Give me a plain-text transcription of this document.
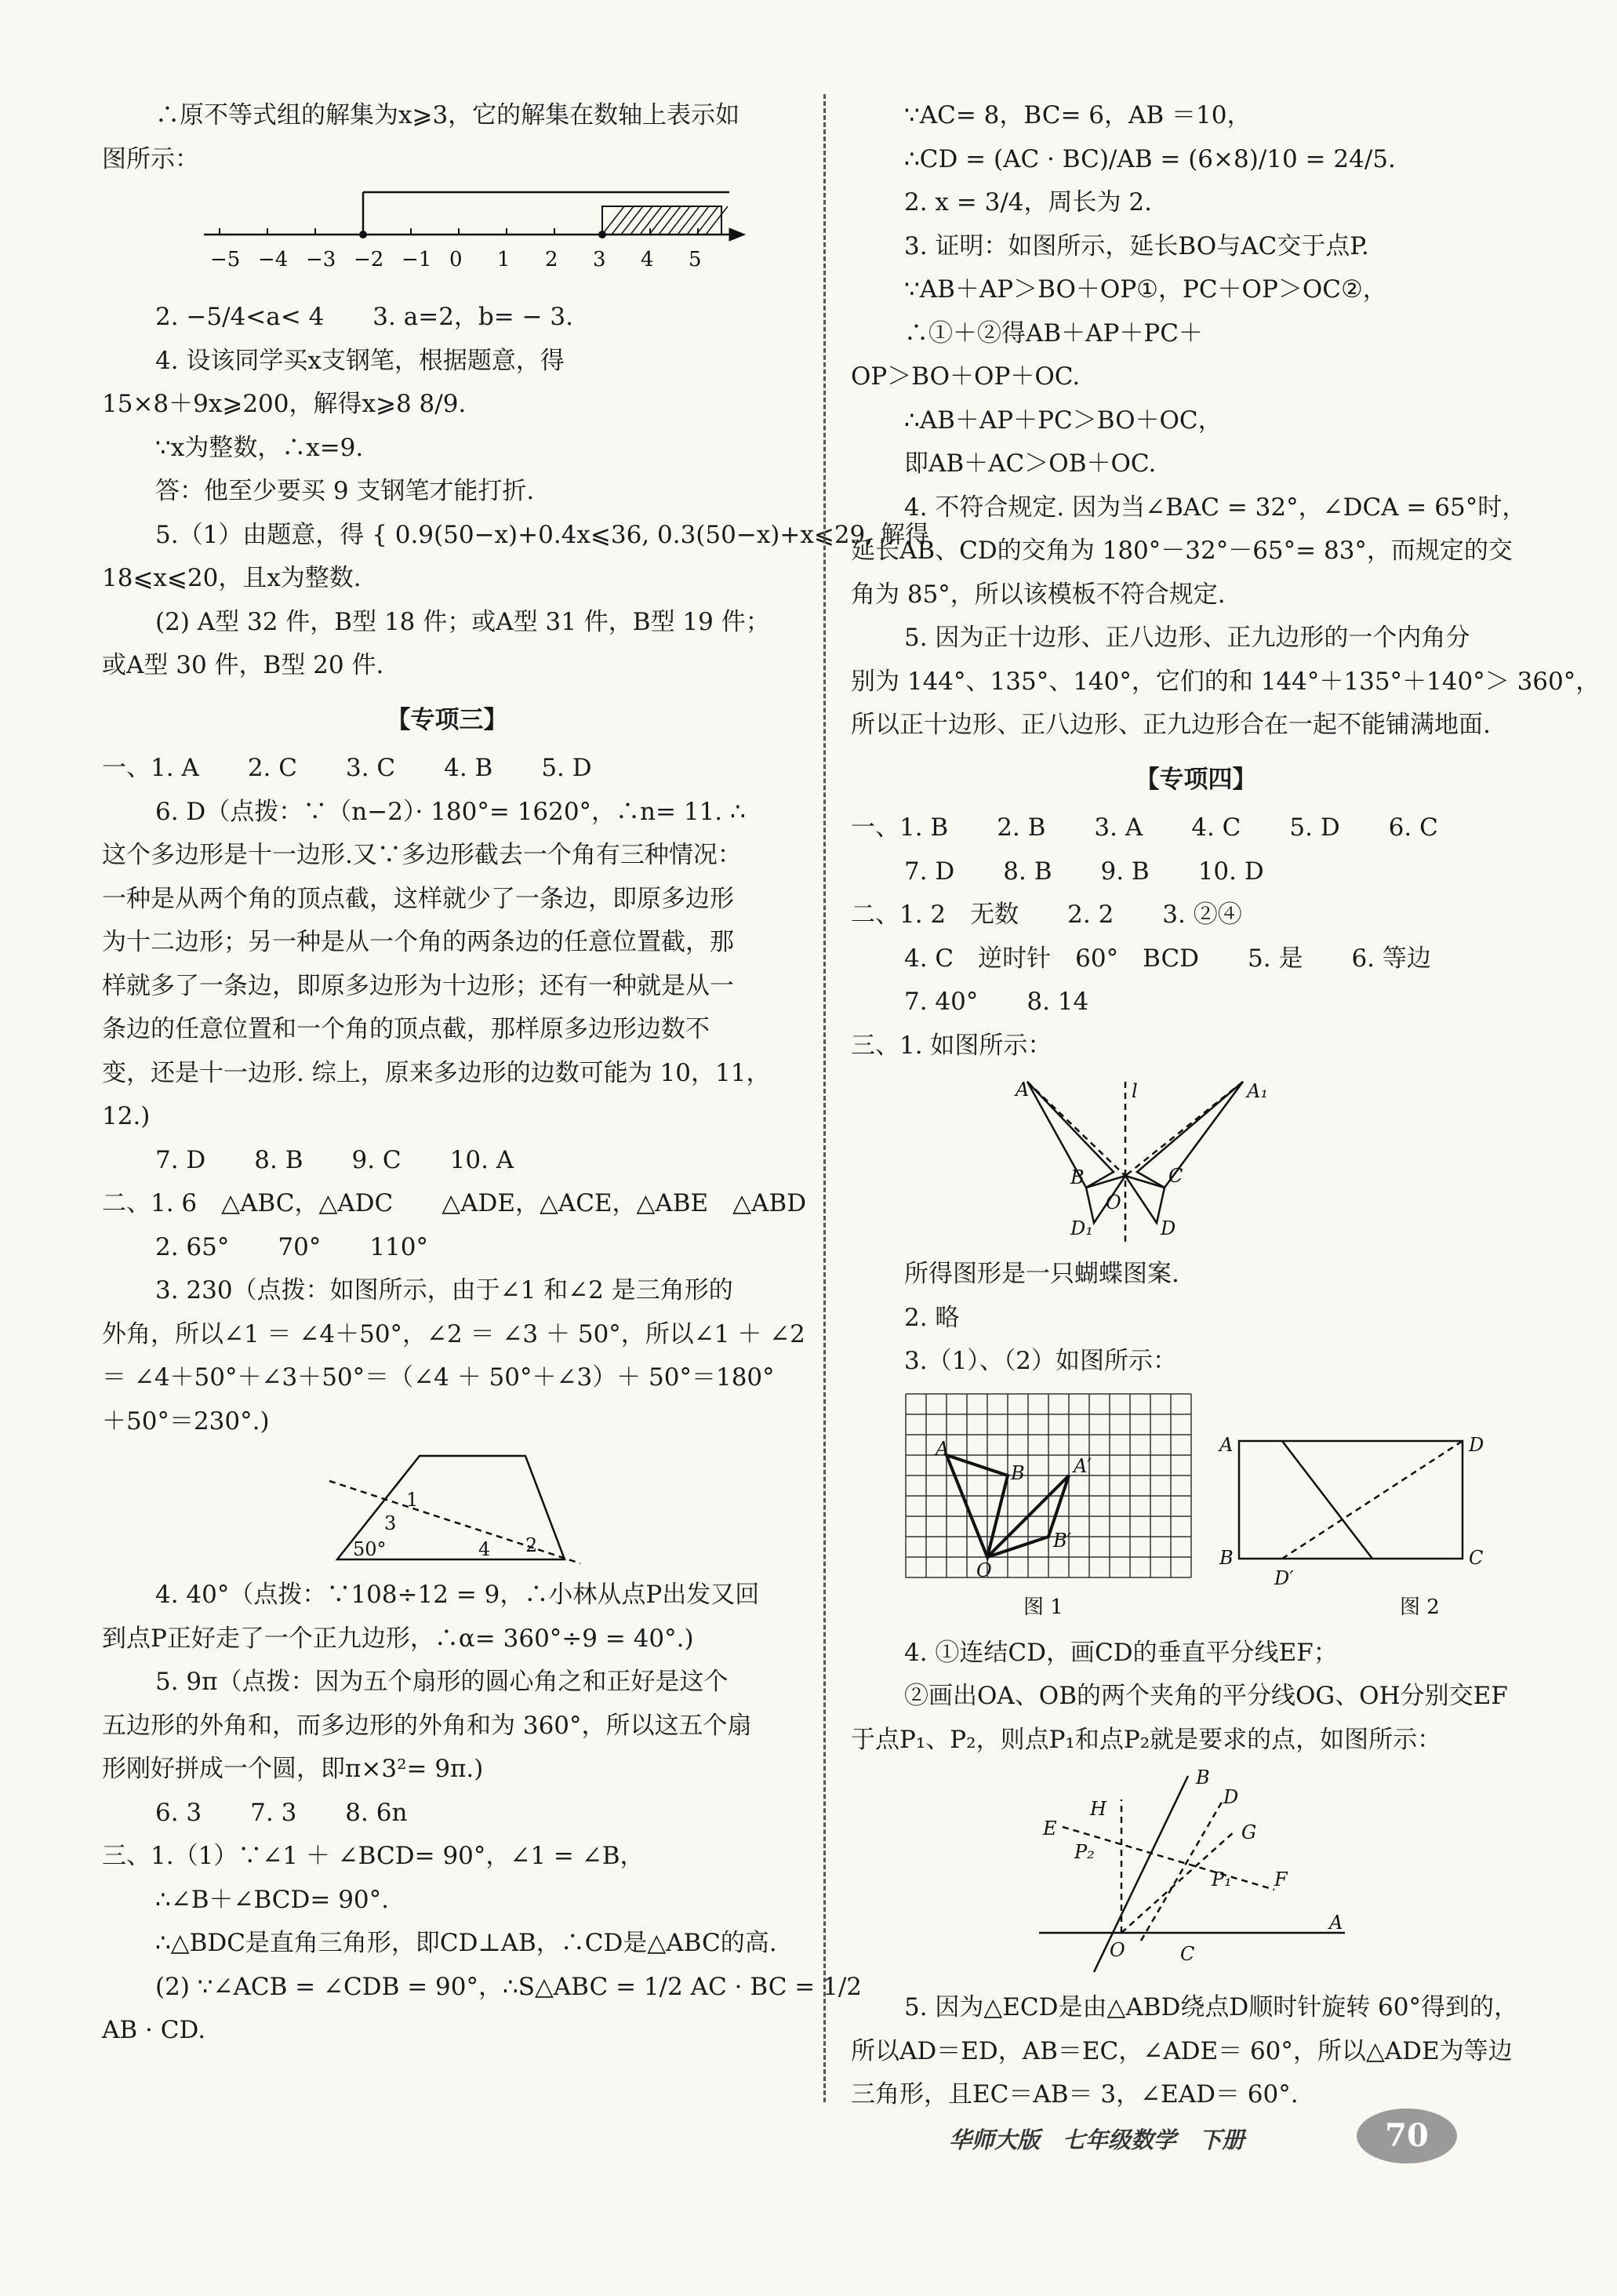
∴原不等式组的解集为x⩾3，它的解集在数轴上表示如

图所示：

−5 −4 −3 −2 −1 0 1 2 3 4 5

2. −5/4<a< 4　　3. a=2，b= − 3.

4. 设该同学买x支钢笔，根据题意，得

15×8＋9x⩾200，解得x⩾8 8/9.

∵x为整数，∴x=9.

答：他至少要买 9 支钢笔才能打折.

5.（1）由题意，得 { 0.9(50−x)+0.4x⩽36, 0.3(50−x)+x⩽29, 解得

18⩽x⩽20，且x为整数.

(2) A型 32 件，B型 18 件；或A型 31 件，B型 19 件；

或A型 30 件，B型 20 件.

【专项三】

一、1. A　　2. C　　3. C　　4. B　　5. D

6. D（点拨：∵（n−2）· 180°= 1620°，∴n= 11. ∴

这个多边形是十一边形.又∵多边形截去一个角有三种情况：

一种是从两个角的顶点截，这样就少了一条边，即原多边形

为十二边形；另一种是从一个角的两条边的任意位置截，那

样就多了一条边，即原多边形为十边形；还有一种就是从一

条边的任意位置和一个角的顶点截，那样原多边形边数不

变，还是十一边形. 综上，原来多边形的边数可能为 10，11，

12.)

7. D　　8. B　　9. C　　10. A

二、1. 6　△ABC，△ADC　　△ADE，△ACE，△ABE　△ABD

2. 65°　　70°　　110°

3. 230（点拨：如图所示，由于∠1 和∠2 是三角形的

外角，所以∠1 ＝ ∠4＋50°，∠2 ＝ ∠3 ＋ 50°，所以∠1 ＋ ∠2

＝ ∠4＋50°＋∠3＋50°＝（∠4 ＋ 50°＋∠3）＋ 50°＝180°

＋50°＝230°.)

1
3
50°	4 2

4. 40°（点拨：∵108÷12 = 9，∴小林从点P出发又回

到点P正好走了一个正九边形，∴α= 360°÷9 = 40°.)

5. 9π（点拨：因为五个扇形的圆心角之和正好是这个

五边形的外角和，而多边形的外角和为 360°，所以这五个扇

形刚好拼成一个圆，即π×3²= 9π.)

6. 3　　7. 3　　8. 6n

三、1.（1）∵∠1 ＋ ∠BCD= 90°，∠1 = ∠B，

∴∠B＋∠BCD= 90°.

∴△BDC是直角三角形，即CD⊥AB，∴CD是△ABC的高.

(2) ∵∠ACB = ∠CDB = 90°，∴S△ABC = 1/2 AC · BC = 1/2

AB · CD.

∵AC= 8，BC= 6，AB ＝10，

∴CD = (AC · BC)/AB = (6×8)/10 = 24/5.

2. x = 3/4，周长为 2.

3. 证明：如图所示，延长BO与AC交于点P.

∵AB＋AP＞BO＋OP①，PC＋OP＞OC②，

∴①＋②得AB＋AP＋PC＋

OP＞BO＋OP＋OC.

∴AB＋AP＋PC＞BO＋OC，

即AB＋AC＞OB＋OC.

4. 不符合规定. 因为当∠BAC = 32°，∠DCA = 65°时，

延长AB、CD的交角为 180°－32°－65°= 83°，而规定的交

角为 85°，所以该模板不符合规定.

5. 因为正十边形、正八边形、正九边形的一个内角分

别为 144°、135°、140°，它们的和 144°＋135°＋140°＞ 360°，

所以正十边形、正八边形、正九边形合在一起不能铺满地面.

【专项四】

一、1. B　　2. B　　3. A　　4. C　　5. D　　6. C

7. D　　8. B　　9. B　　10. D

二、1. 2　无数　　2. 2　　3. ②④

4. C　逆时针　60°　BCD　　5. 是　　6. 等边

7. 40°　　8. 14

三、1. 如图所示：

A	l	A₁
B	C
O
D₁	D

所得图形是一只蝴蝶图案.

2. 略

3.（1）、（2）如图所示：

A
B	A′
O
B′
图 1
A	D
B
D′
C
图 2

4. ①连结CD，画CD的垂直平分线EF；

②画出OA、OB的两个夹角的平分线OG、OH分别交EF

于点P₁、P₂，则点P₁和点P₂就是要求的点，如图所示：

B
D
H
G
E
P₂
P₁ F
O	C
A

5. 因为△ECD是由△ABD绕点D顺时针旋转 60°得到的，

所以AD＝ED，AB＝EC，∠ADE＝ 60°，所以△ADE为等边

三角形，且EC＝AB＝ 3，∠EAD＝ 60°.

华师大版　七年级数学　下册	70
